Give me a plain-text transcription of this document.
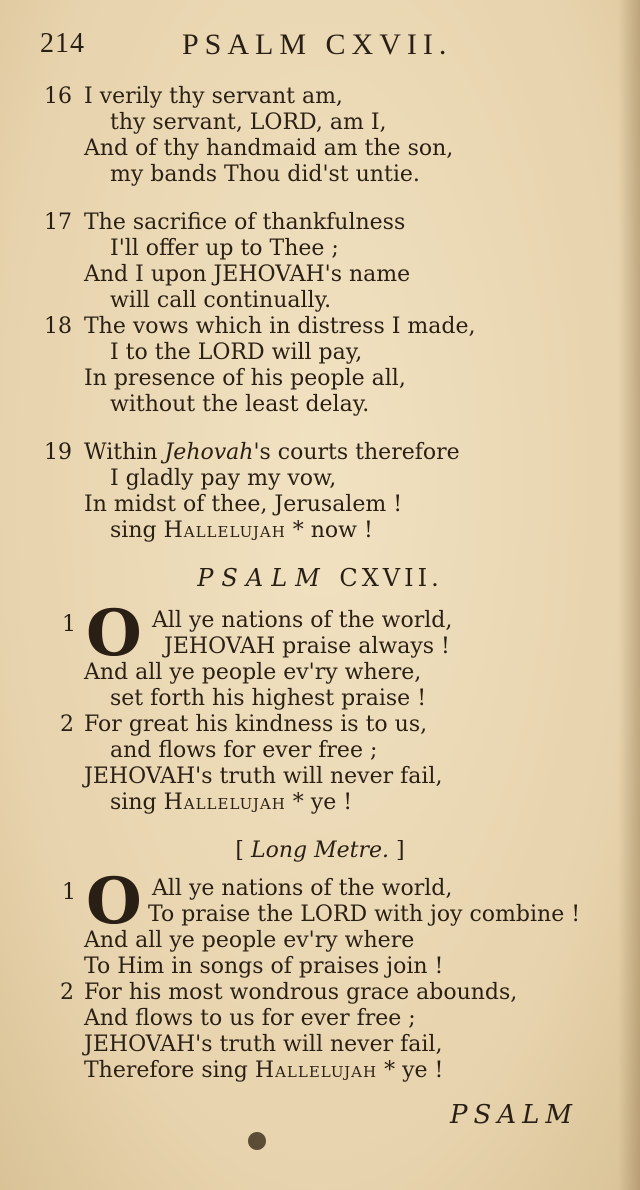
214	PSALM CXVII.
16 I verily thy servant am,
thy servant, LORD, am I,
And of thy handmaid am the son,
my bands Thou did'st untie.
17 The sacrifice of thankfulness
I'll offer up to Thee ;
And I upon JEHOVAH's name
will call continually.
18 The vows which in distress I made,
I to the LORD will pay,
In presence of his people all,
without the least delay.
19 Within Jehovah's courts therefore
I gladly pay my vow,
In midst of thee, Jerusalem !
sing Hallelujah * now !
PSALM CXVII.
1 O All ye nations of the world,
JEHOVAH praise always !
And all ye people ev'ry where,
set forth his highest praise !
2 For great his kindness is to us,
and flows for ever free ;
JEHOVAH's truth will never fail,
sing Hallelujah * ye !
[ Long Metre. ]
1 O All ye nations of the world,
To praise the LORD with joy combine !
And all ye people ev'ry where
To Him in songs of praises join !
2 For his most wondrous grace abounds,
And flows to us for ever free ;
JEHOVAH's truth will never fail,
Therefore sing Hallelujah * ye !
PSALM
